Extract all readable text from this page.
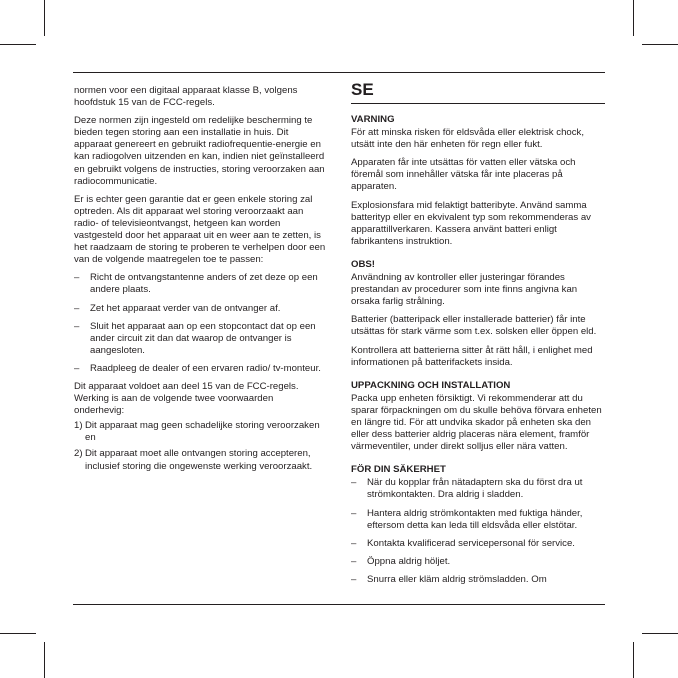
normen voor een digitaal apparaat klasse B, volgens hoofdstuk 15 van de FCC-regels.

Deze normen zijn ingesteld om redelijke bescherming te bieden tegen storing aan een installatie in huis. Dit apparaat genereert en gebruikt radiofrequentie-energie en kan radiogolven uitzenden en kan, indien niet geïnstalleerd en gebruikt volgens de instructies, storing veroorzaken aan radiocommunicatie.

Er is echter geen garantie dat er geen enkele storing zal optreden. Als dit apparaat wel storing veroorzaakt aan radio- of televisieontvangst, hetgeen kan worden vastgesteld door het apparaat uit en weer aan te zetten, is het raadzaam de storing te proberen te verhelpen door een van de volgende maatregelen toe te passen:

– Richt de ontvangstantenne anders of zet deze op een andere plaats.
– Zet het apparaat verder van de ontvanger af.
– Sluit het apparaat aan op een stopcontact dat op een ander circuit zit dan dat waarop de ontvanger is aangesloten.
– Raadpleeg de dealer of een ervaren radio/ tv-monteur.

Dit apparaat voldoet aan deel 15 van de FCC-regels. Werking is aan de volgende twee voorwaarden onderhevig:

1) Dit apparaat mag geen schadelijke storing veroorzaken en
2) Dit apparaat moet alle ontvangen storing accepteren, inclusief storing die ongewenste werking veroorzaakt.
SE
VARNING

För att minska risken för eldsvåda eller elektrisk chock, utsätt inte den här enheten för regn eller fukt.

Apparaten får inte utsättas för vatten eller vätska och föremål som innehåller vätska får inte placeras på apparaten.

Explosionsfara mid felaktigt batteribyte. Använd samma batterityp eller en ekvivalent typ som rekommenderas av apparattillverkaren. Kassera använt batteri enligt fabrikantens instruktion.

OBS!

Användning av kontroller eller justeringar förandes prestandan av procedurer som inte finns angivna kan orsaka farlig strålning.

Batterier (batteripack eller installerade batterier) får inte utsättas för stark värme som t.ex. solsken eller öppen eld.

Kontrollera att batterierna sitter åt rätt håll, i enlighet med informationen på batterifackets insida.

UPPACKNING OCH INSTALLATION

Packa upp enheten försiktigt. Vi rekommenderar att du sparar förpackningen om du skulle behöva förvara enheten en längre tid. För att undvika skador på enheten ska den eller dess batterier aldrig placeras nära element, framför värmeventiler, under direkt solljus eller nära vatten.

FÖR DIN SÄKERHET
– När du kopplar från nätadaptern ska du först dra ut strömkontakten. Dra aldrig i sladden.
– Hantera aldrig strömkontakten med fuktiga händer, eftersom detta kan leda till eldsvåda eller elstötar.
– Kontakta kvalificerad servicepersonal för service.
– Öppna aldrig höljet.
– Snurra eller kläm aldrig strömsladden. Om
